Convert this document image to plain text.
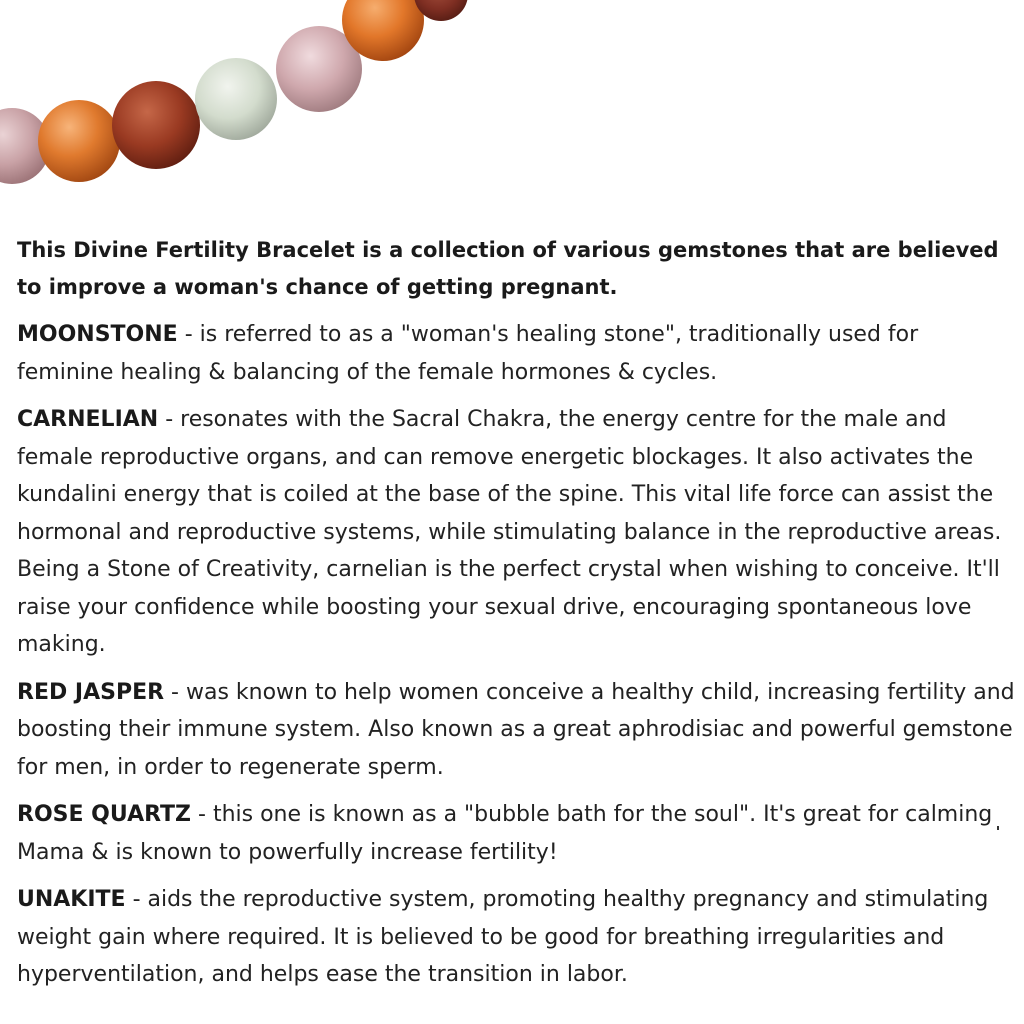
This Divine Fertility Bracelet is a collection of various gemstones that are believed to improve a woman's chance of getting pregnant.

MOONSTONE - is referred to as a "woman's healing stone", traditionally used for feminine healing & balancing of the female hormones & cycles.

CARNELIAN - resonates with the Sacral Chakra, the energy centre for the male and female reproductive organs, and can remove energetic blockages. It also activates the kundalini energy that is coiled at the base of the spine. This vital life force can assist the hormonal and reproductive systems, while stimulating balance in the reproductive areas. Being a Stone of Creativity, carnelian is the perfect crystal when wishing to conceive. It'll raise your confidence while boosting your sexual drive, encouraging spontaneous love making.

RED JASPER - was known to help women conceive a healthy child, increasing fertility and boosting their immune system. Also known as a great aphrodisiac and powerful gemstone for men, in order to regenerate sperm.

ROSE QUARTZ - this one is known as a "bubble bath for the soul". It's great for calming Mama & is known to powerfully increase fertility!

UNAKITE - aids the reproductive system, promoting healthy pregnancy and stimulating weight gain where required. It is believed to be good for breathing irregularities and hyperventilation, and helps ease the transition in labor.
